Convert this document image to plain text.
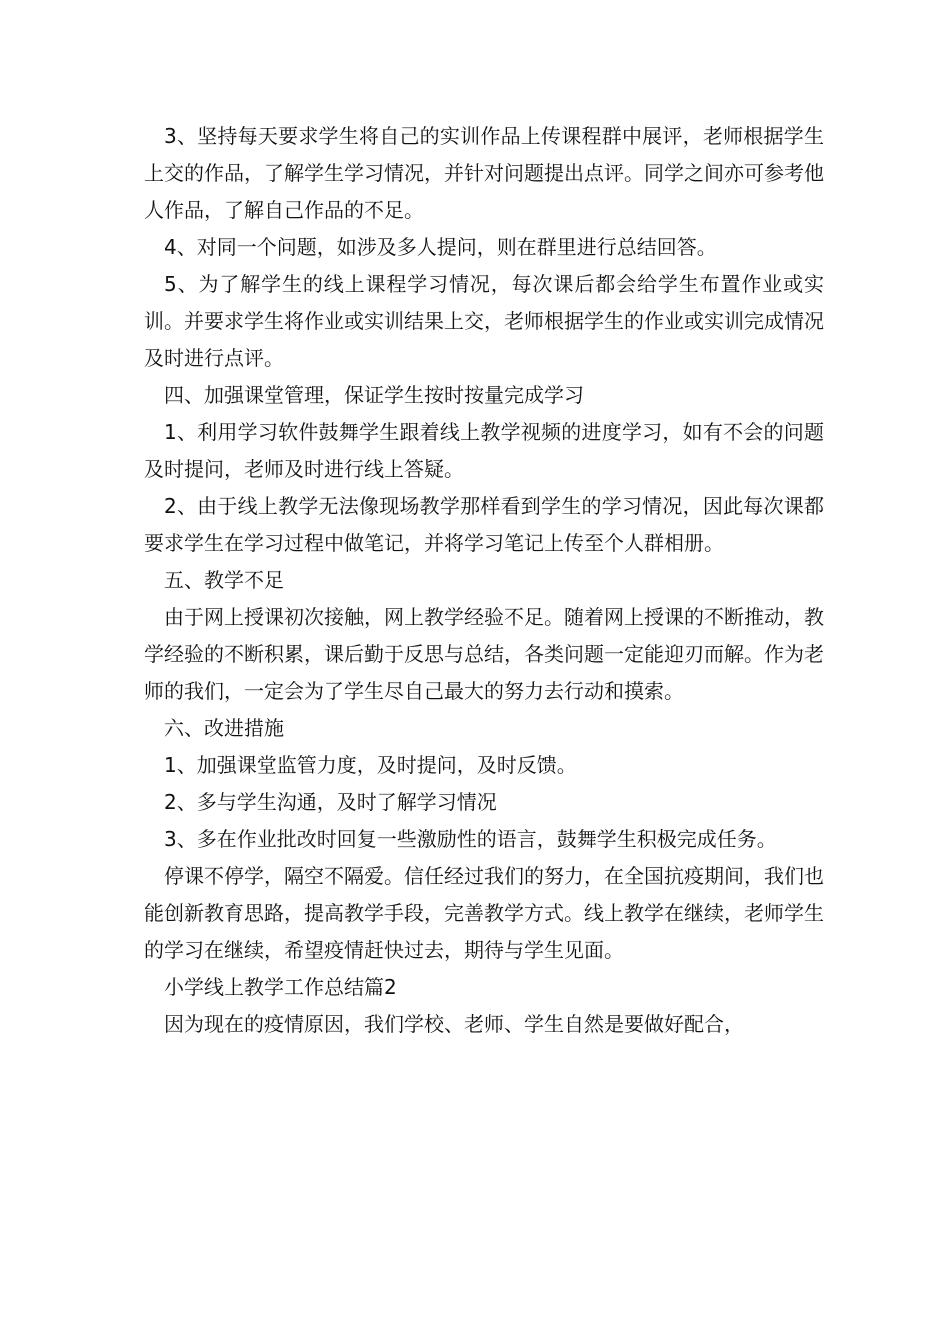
3、坚持每天要求学生将自己的实训作品上传课程群中展评，老师根据学生上交的作品，了解学生学习情况，并针对问题提出点评。同学之间亦可参考他人作品，了解自己作品的不足。

4、对同一个问题，如涉及多人提问，则在群里进行总结回答。

5、为了解学生的线上课程学习情况，每次课后都会给学生布置作业或实训。并要求学生将作业或实训结果上交，老师根据学生的作业或实训完成情况及时进行点评。

四、加强课堂管理，保证学生按时按量完成学习

1、利用学习软件鼓舞学生跟着线上教学视频的进度学习，如有不会的问题及时提问，老师及时进行线上答疑。

2、由于线上教学无法像现场教学那样看到学生的学习情况，因此每次课都要求学生在学习过程中做笔记，并将学习笔记上传至个人群相册。

五、教学不足

由于网上授课初次接触，网上教学经验不足。随着网上授课的不断推动，教学经验的不断积累，课后勤于反思与总结，各类问题一定能迎刃而解。作为老师的我们，一定会为了学生尽自己最大的努力去行动和摸索。

六、改进措施

1、加强课堂监管力度，及时提问，及时反馈。

2、多与学生沟通，及时了解学习情况

3、多在作业批改时回复一些激励性的语言，鼓舞学生积极完成任务。

停课不停学，隔空不隔爱。信任经过我们的努力，在全国抗疫期间，我们也能创新教育思路，提高教学手段，完善教学方式。线上教学在继续，老师学生的学习在继续，希望疫情赶快过去，期待与学生见面。

小学线上教学工作总结篇2

因为现在的疫情原因，我们学校、老师、学生自然是要做好配合，
